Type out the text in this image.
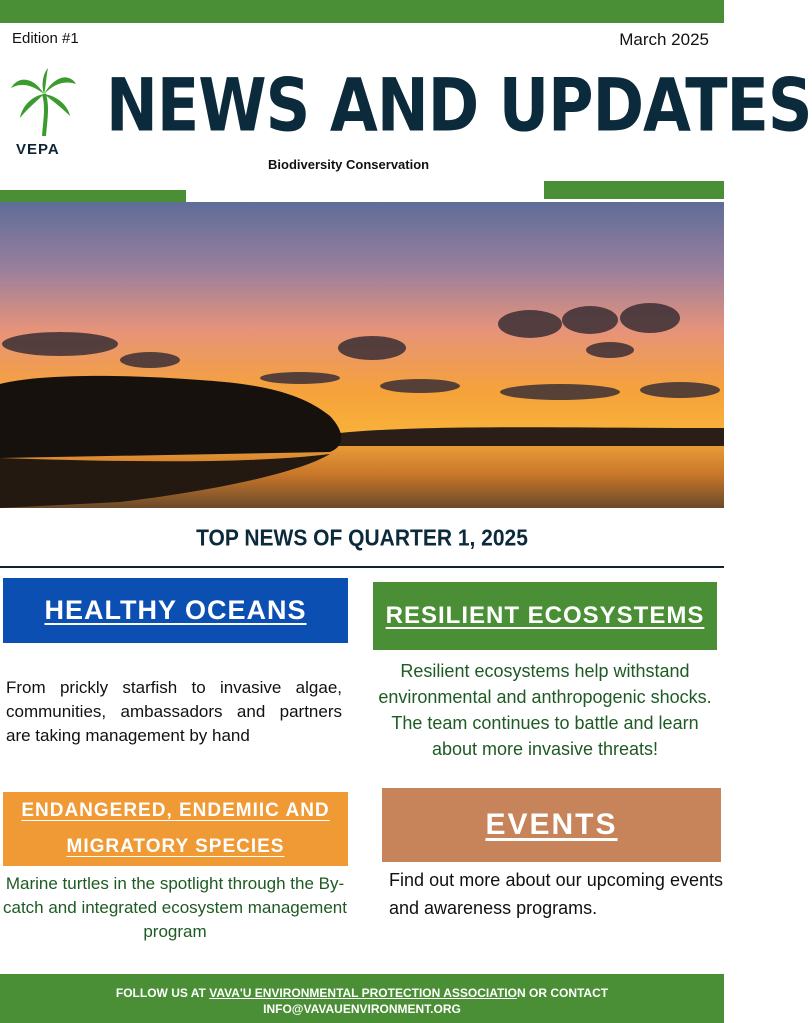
Edition #1	March 2025
VEPA
NEWS AND UPDATES
Biodiversity Conservation
TOP NEWS OF QUARTER 1, 2025
HEALTHY OCEANS	RESILIENT ECOSYSTEMS
From prickly starfish to invasive algae, communities, ambassadors and partners are taking management by hand
Resilient ecosystems help withstand environmental and anthropogenic shocks.
The team continues to battle and learn about more invasive threats!
ENDANGERED, ENDEMIIC AND
MIGRATORY SPECIES
EVENTS
Marine turtles in the spotlight through the By-catch and integrated ecosystem management program
Find out more about our upcoming events and awareness programs.
FOLLOW US AT VAVA'U ENVIRONMENTAL PROTECTION ASSOCIATION OR CONTACT
INFO@VAVAUENVIRONMENT.ORG
